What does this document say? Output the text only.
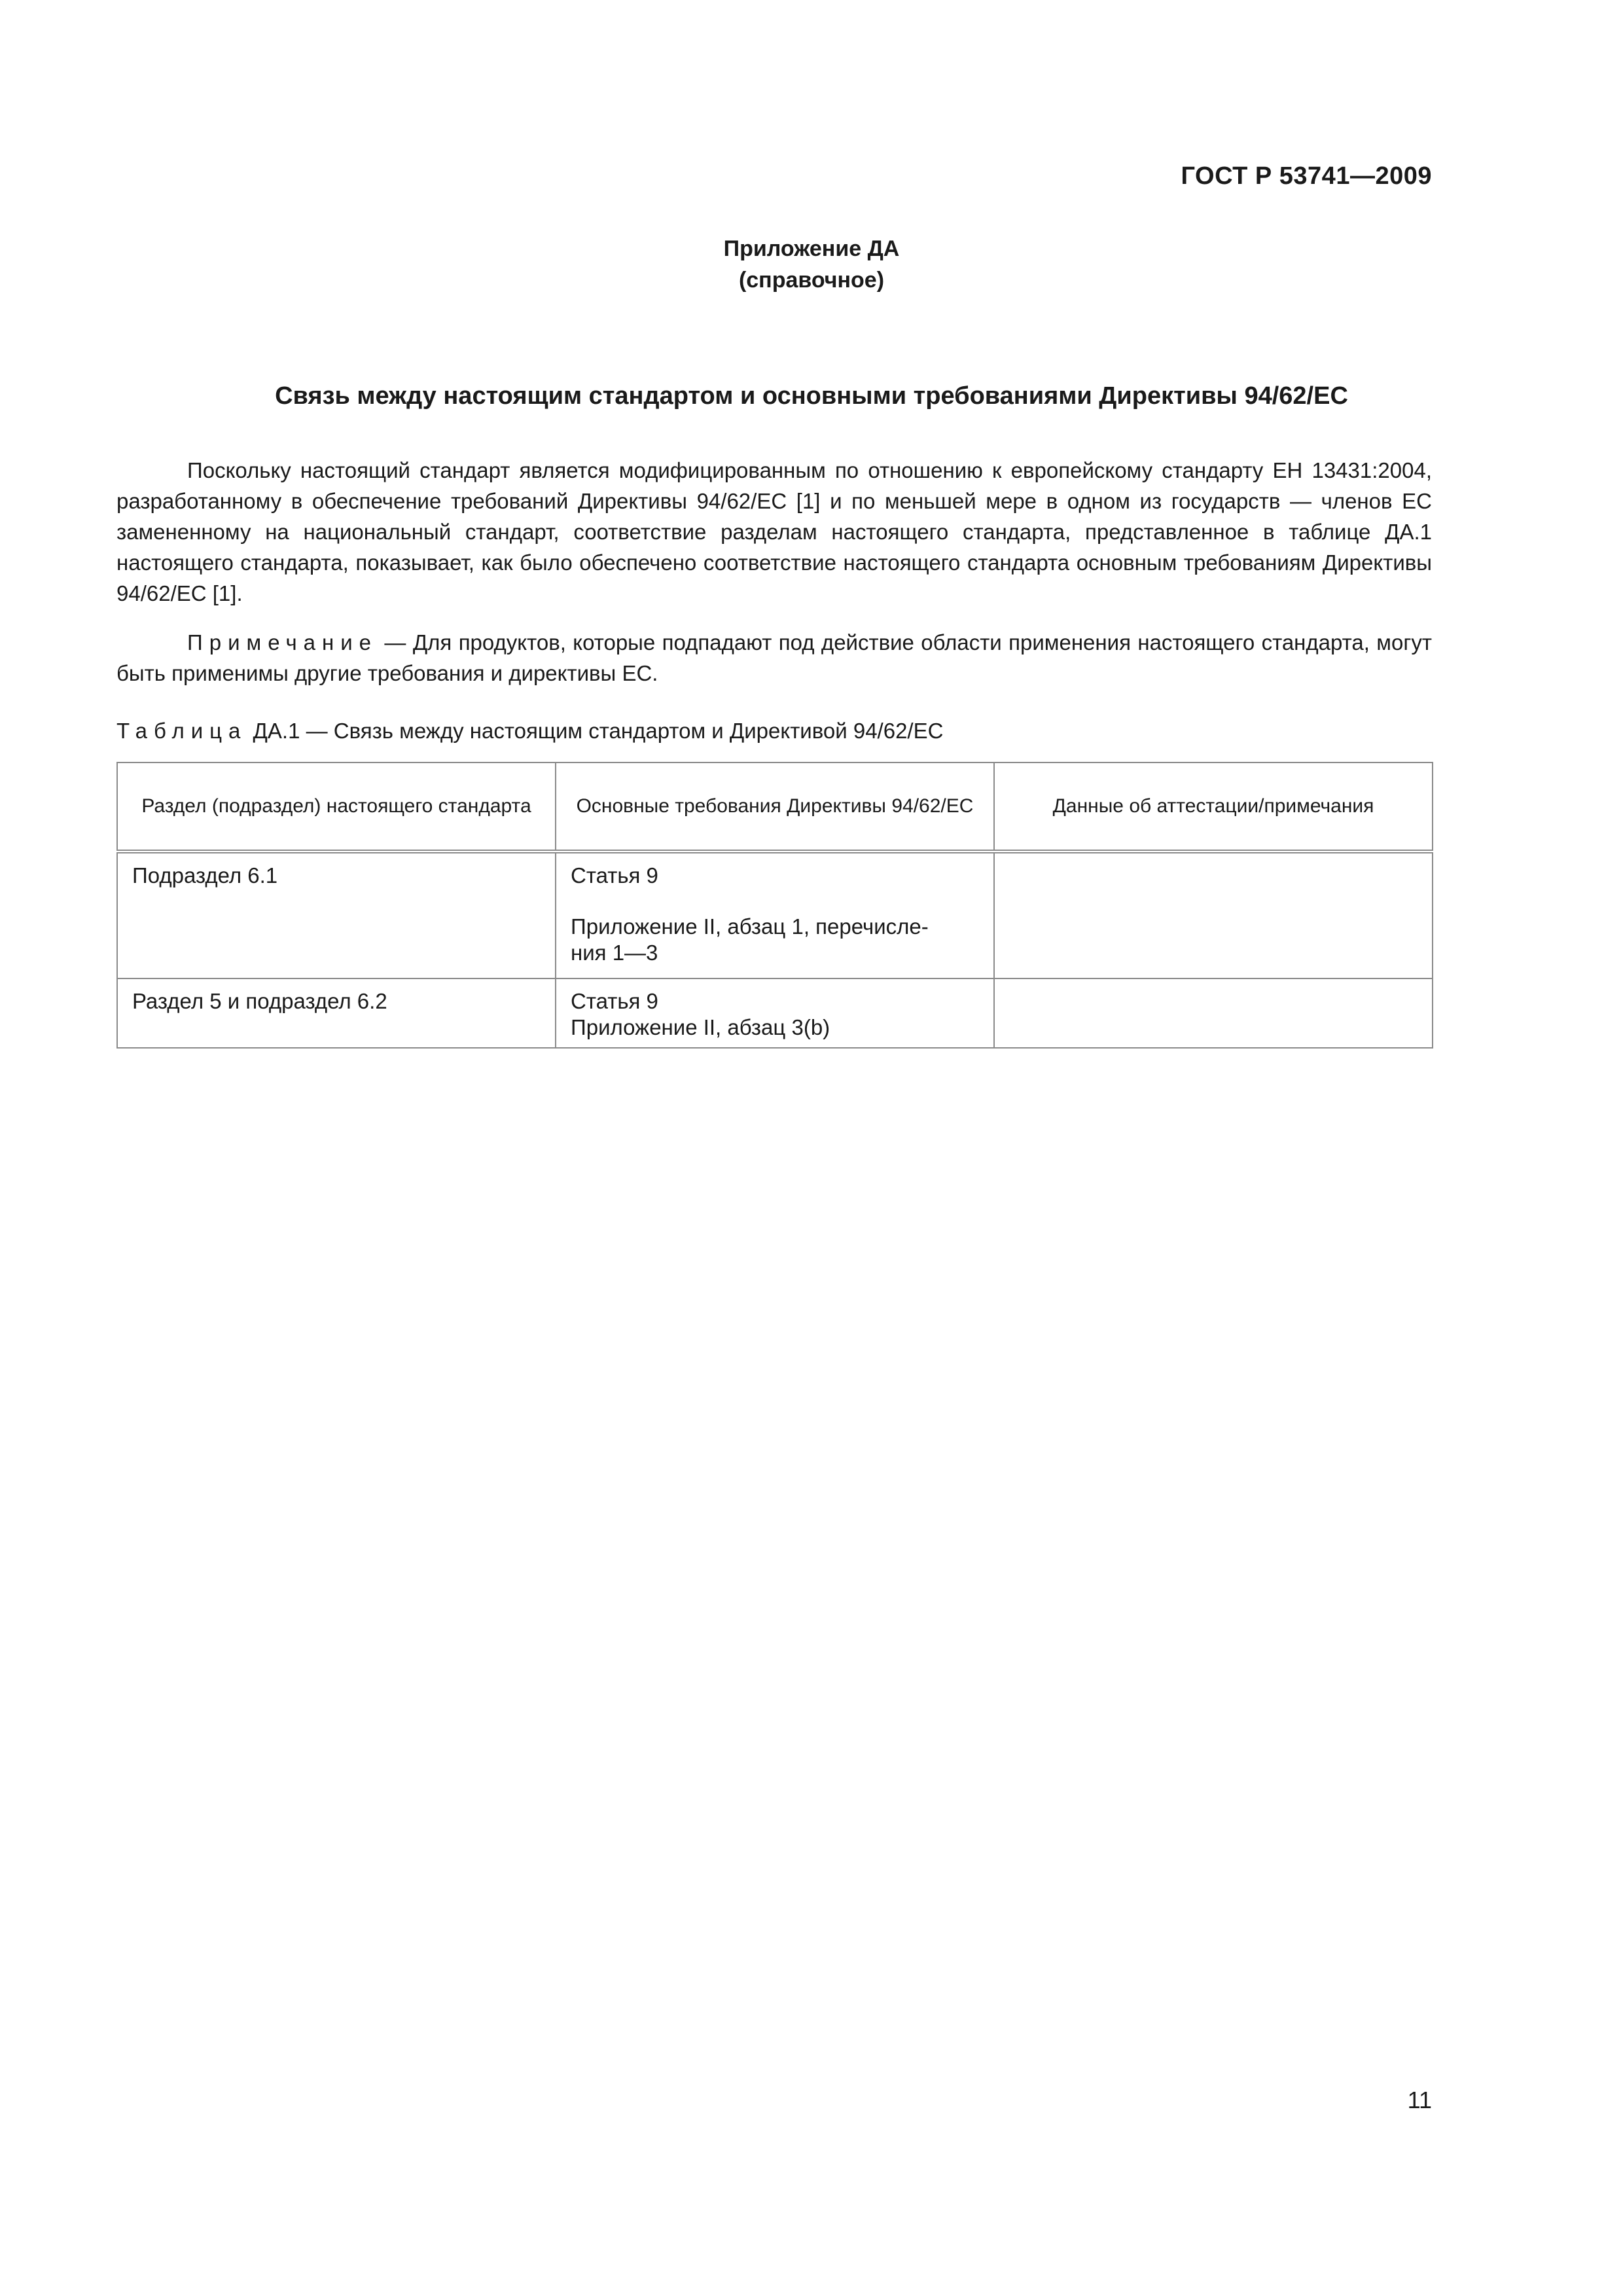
ГОСТ Р 53741—2009
Приложение ДА
(справочное)
Связь между настоящим стандартом и основными требованиями Директивы 94/62/ЕС

Поскольку настоящий стандарт является модифицированным по отношению к европейскому стандарту ЕН 13431:2004, разработанному в обеспечение требований Директивы 94/62/ЕС [1] и по меньшей мере в одном из государств — членов ЕС замененному на национальный стандарт, соответствие разделам настоящего стандарта, представленное в таблице ДА.1 настоящего стандарта, показывает, как было обеспечено соответствие настоящего стандарта основным требованиям Директивы 94/62/ЕС [1].

Примечание — Для продуктов, которые подпадают под действие области применения настоящего стандарта, могут быть применимы другие требования и директивы ЕС.

Таблица ДА.1 — Связь между настоящим стандартом и Директивой 94/62/ЕС
Раздел (подраздел) настоящего стандарта	Основные требования Директивы 94/62/ЕС	Данные об аттестации/примечания
Подраздел 6.1	Статья 9
Приложение II, абзац 1, перечисле-
ния 1—3	

Раздел 5 и подраздел 6.2	Статья 9
Приложение II, абзац 3(b)	

11
